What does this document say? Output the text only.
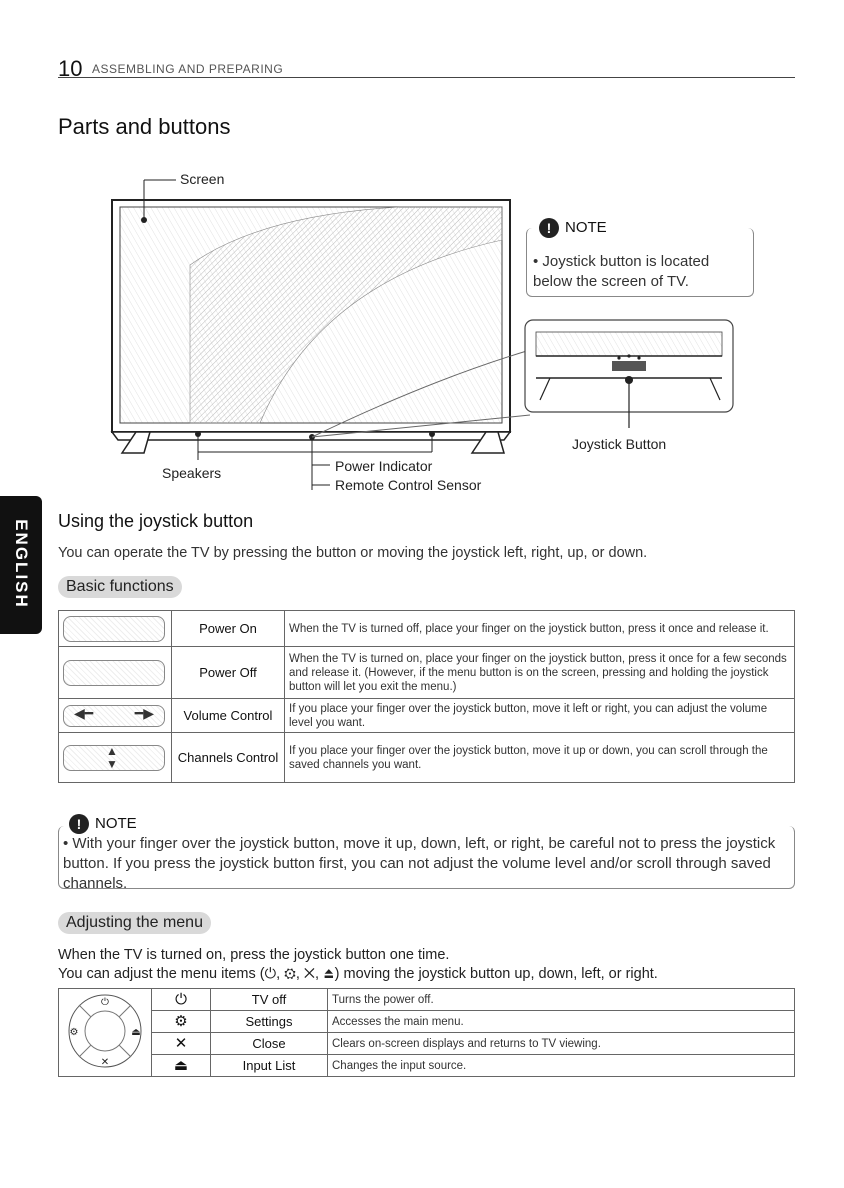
10 ASSEMBLING AND PREPARING
Parts and buttons
ENGLISH
Screen
Speakers	Power Indicator
Remote Control Sensor
Joystick Button
! NOTE
• Joystick button is located below the screen of TV.
Using the joystick button
You can operate the TV by pressing the button or moving the joystick left, right, up, or down.
Basic functions
	Power On	When the TV is turned off, place your finger on the joystick button, press it once and release it.

	Power Off	When the TV is turned on, place your finger on the joystick button, press it once for a few seconds and release it. (However, if the menu button is on the screen, pressing and holding the joystick button will let you exit the menu.)

◀━ ━▶	Volume Control	If you place your finger over the joystick button, move it left or right, you can adjust the volume level you want.

▲
▼	Channels Control	If you place your finger over the joystick button, move it up or down, you can scroll through the saved channels you want.
! NOTE
• With your finger over the joystick button, move it up, down, left, or right, be careful not to press the joystick button. If you press the joystick button first, you can not adjust the volume level and/or scroll through saved channels.
Adjusting the menu
When the TV is turned on, press the joystick button one time.
You can adjust the menu items (⏻, ⚙, ✕, ⏏) moving the joystick button up, down, left, or right.
⏻
⚙ ⏏
✕	⏻	TV off	Turns the power off.
	⚙	Settings	Accesses the main menu.
	✕	Close	Clears on-screen displays and returns to TV viewing.
	⏏	Input List	Changes the input source.
